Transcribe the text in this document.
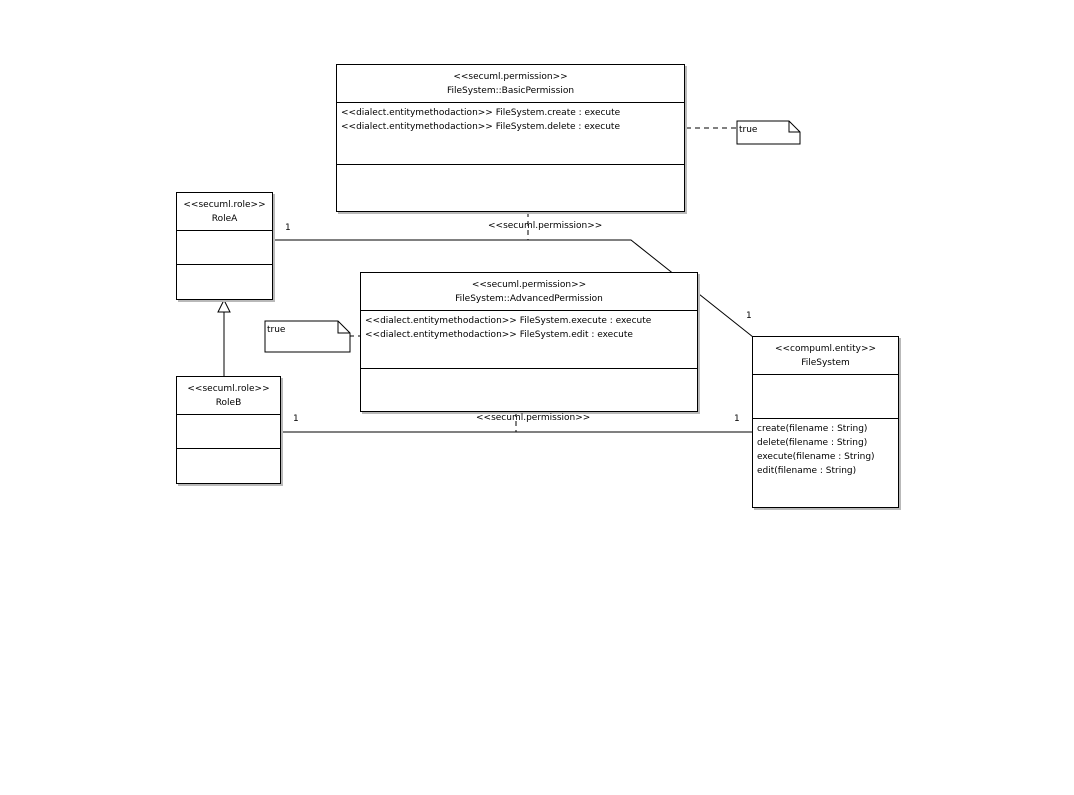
<<secuml.permission>>
FileSystem::BasicPermission
<<dialect.entitymethodaction>> FileSystem.create : execute
<<dialect.entitymethodaction>> FileSystem.delete : execute
<<secuml.permission>>
FileSystem::AdvancedPermission
<<dialect.entitymethodaction>> FileSystem.execute : execute
<<dialect.entitymethodaction>> FileSystem.edit : execute
<<secuml.role>>
RoleA
<<secuml.role>>
RoleB
<<compuml.entity>>
FileSystem
create(filename : String)
delete(filename : String)
execute(filename : String)
edit(filename : String)
<<secuml.permission>>
1
1
<<secuml.permission>>
1	1
true
true
